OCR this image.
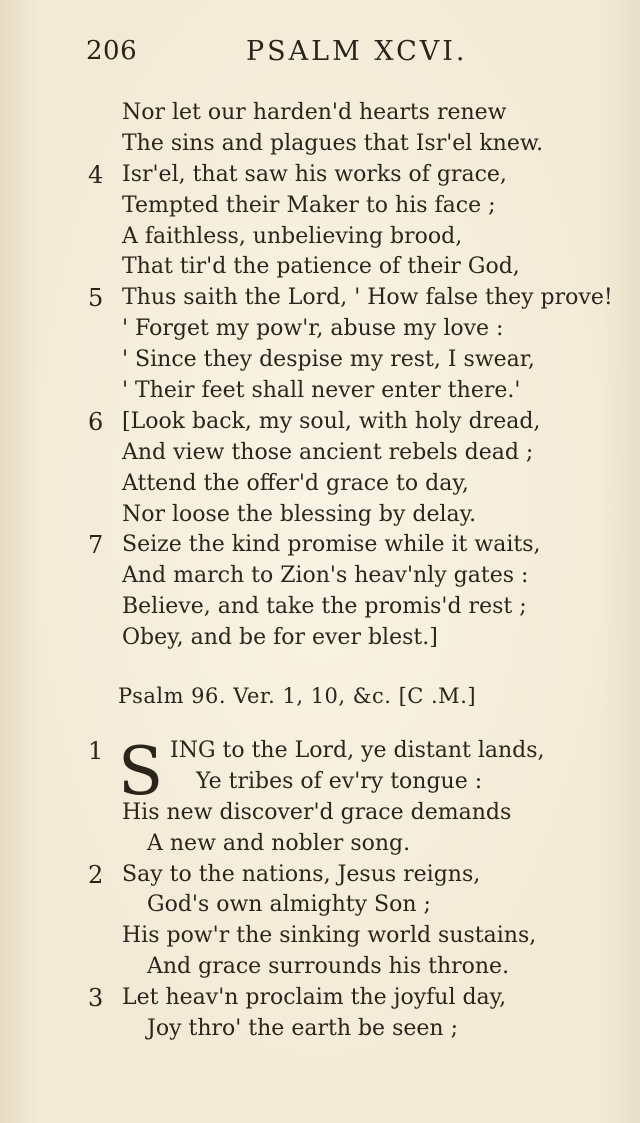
206	PSALM XCVI.
Nor let our harden'd hearts renew
The sins and plagues that Isr'el knew.
4 Isr'el, that saw his works of grace,
Tempted their Maker to his face ;
A faithless, unbelieving brood,
That tir'd the patience of their God,
5 Thus saith the Lord, ' How false they prove!
' Forget my pow'r, abuse my love :
' Since they despise my rest, I swear,
' Their feet shall never enter there.'
6 [Look back, my soul, with holy dread,
And view those ancient rebels dead ;
Attend the offer'd grace to day,
Nor loose the blessing by delay.
7 Seize the kind promise while it waits,
And march to Zion's heav'nly gates :
Believe, and take the promis'd rest ;
Obey, and be for ever blest.]
Psalm 96. Ver. 1, 10, &c. [C .M.]
1 S ING to the Lord, ye distant lands,
Ye tribes of ev'ry tongue :
His new discover'd grace demands
A new and nobler song.
2 Say to the nations, Jesus reigns,
God's own almighty Son ;
His pow'r the sinking world sustains,
And grace surrounds his throne.
3 Let heav'n proclaim the joyful day,
Joy thro' the earth be seen ;
